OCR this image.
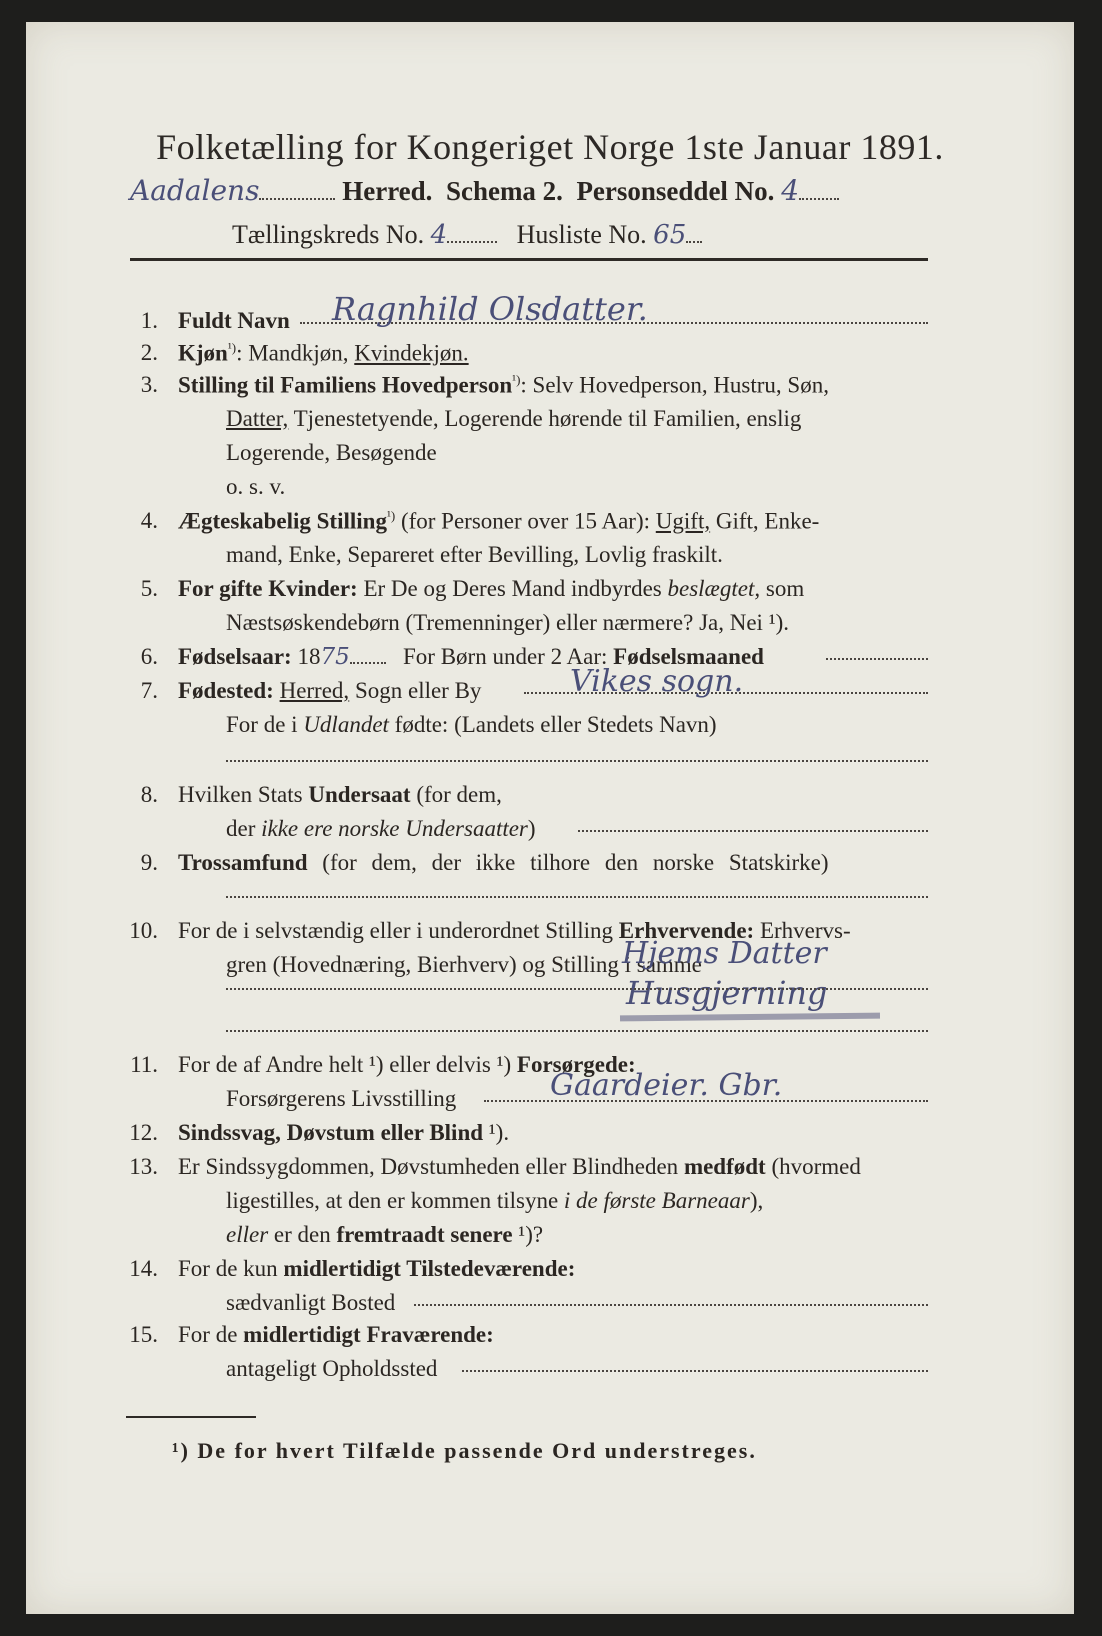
Folketælling for Kongeriget Norge 1ste Januar 1891.
Aadalens	Herred. Schema 2. Personseddel No. 4
Tællingskreds No. 4	Husliste No. 65
1. Fuldt Navn Ragnhild Olsdatter.
2. Kjøn$^{^1)}$: Mandkjøn, Kvindekjøn.
3. Stilling til Familiens Hovedperson$^{^1)}$: Selv Hovedperson, Hustru, Søn,
Datter, Tjenestetyende, Logerende hørende til Familien, enslig
Logerende, Besøgende
o. s. v.
4. Ægteskabelig Stilling$^{^1)}$ (for Personer over 15 Aar): Ugift, Gift, Enke-
mand, Enke, Separeret efter Bevilling, Lovlig fraskilt.
5. For gifte Kvinder: Er De og Deres Mand indbyrdes beslægtet, som
Næstsøskendebørn (Tremenninger) eller nærmere? Ja, Nei ¹).
6. Fødselsaar: 1875 For Børn under 2 Aar: Fødselsmaaned
7. Fødested: Herred, Sogn eller By	Vikes sogn.
For de i Udlandet fødte: (Landets eller Stedets Navn)
8. Hvilken Stats Undersaat (for dem,
der ikke ere norske Undersaatter)
9. Trossamfund (for dem, der ikke tilhore den norske Statskirke)
10. For de i selvstændig eller i underordnet Stilling Erhvervende: Erhvervs-
gren (Hovednæring, Bierhverv) og Stilling i samme
Hjems Datter
Husgjerning
11. For de af Andre helt ¹) eller delvis ¹) Forsørgede:
Forsørgerens Livsstilling	Gaardeier. Gbr.
12. Sindssvag, Døvstum eller Blind ¹).
13. Er Sindssygdommen, Døvstumheden eller Blindheden medfødt (hvormed
ligestilles, at den er kommen tilsyne i de første Barneaar),
eller er den fremtraadt senere ¹)?
14. For de kun midlertidigt Tilstedeværende:
sædvanligt Bosted
15. For de midlertidigt Fraværende:
antageligt Opholdssted
¹) De for hvert Tilfælde passende Ord understreges.
